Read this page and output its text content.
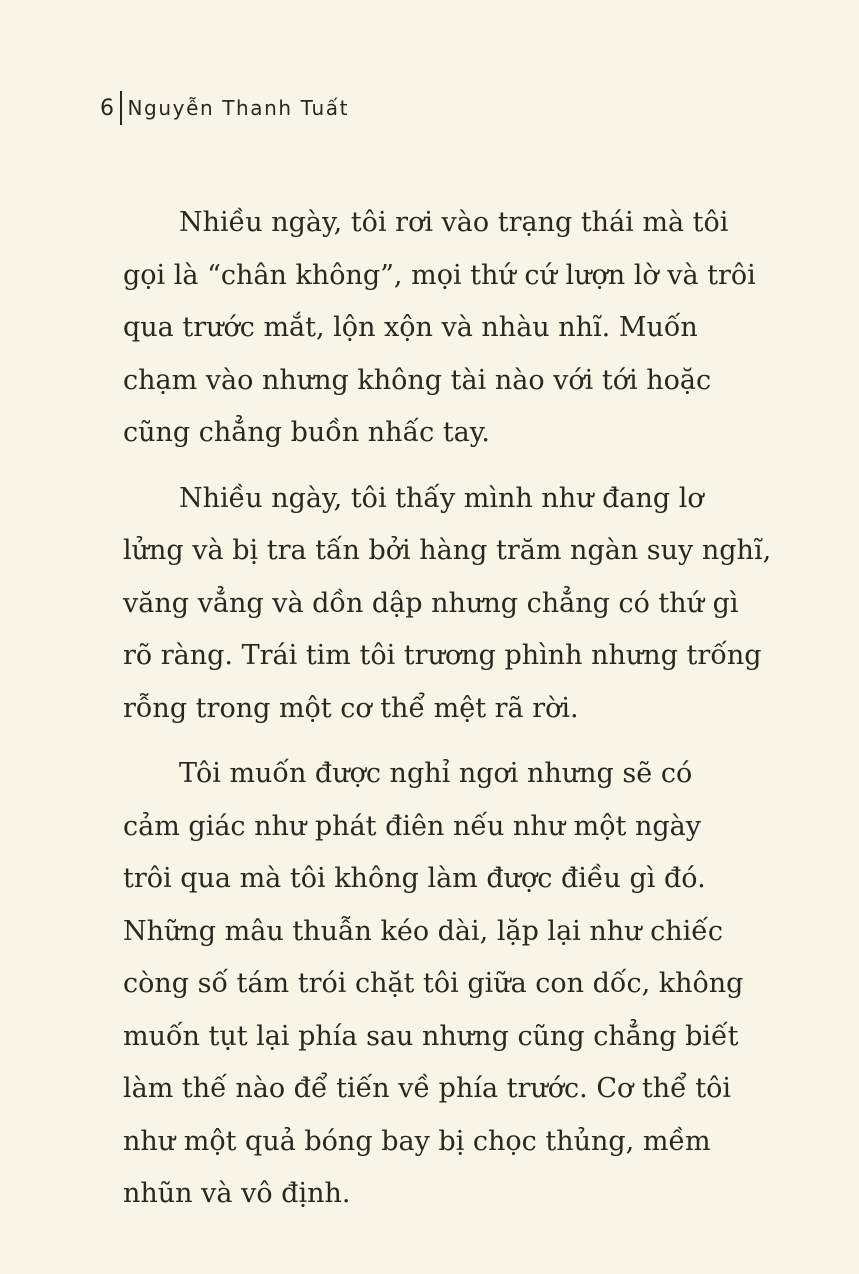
6 Nguyễn Thanh Tuất

Nhiều ngày, tôi rơi vào trạng thái mà tôi
gọi là “chân không”, mọi thứ cứ lượn lờ và trôi
qua trước mắt, lộn xộn và nhàu nhĩ. Muốn
chạm vào nhưng không tài nào với tới hoặc
cũng chẳng buồn nhấc tay.

Nhiều ngày, tôi thấy mình như đang lơ
lửng và bị tra tấn bởi hàng trăm ngàn suy nghĩ,
văng vẳng và dồn dập nhưng chẳng có thứ gì
rõ ràng. Trái tim tôi trương phình nhưng trống
rỗng trong một cơ thể mệt rã rời.

Tôi muốn được nghỉ ngơi nhưng sẽ có
cảm giác như phát điên nếu như một ngày
trôi qua mà tôi không làm được điều gì đó.
Những mâu thuẫn kéo dài, lặp lại như chiếc
còng số tám trói chặt tôi giữa con dốc, không
muốn tụt lại phía sau nhưng cũng chẳng biết
làm thế nào để tiến về phía trước. Cơ thể tôi
như một quả bóng bay bị chọc thủng, mềm
nhũn và vô định.
